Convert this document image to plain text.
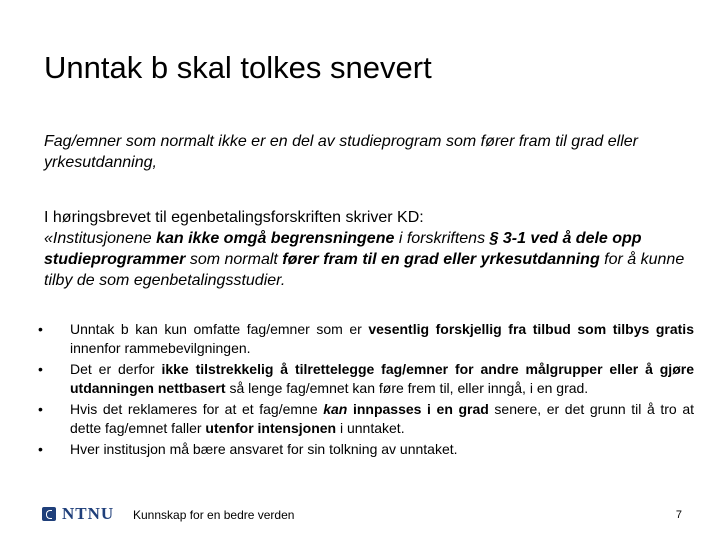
Unntak b skal tolkes snevert
Fag/emner som normalt ikke er en del av studieprogram som fører fram til grad eller yrkesutdanning,
I høringsbrevet til egenbetalingsforskriften skriver KD:
«Institusjonene kan ikke omgå begrensningene i forskriftens § 3-1 ved å dele opp studieprogrammer som normalt fører fram til en grad eller yrkesutdanning for å kunne tilby de som egenbetalingsstudier.
• Unntak b kan kun omfatte fag/emner som er vesentlig forskjellig fra tilbud som tilbys gratis innenfor rammebevilgningen.
• Det er derfor ikke tilstrekkelig å tilrettelegge fag/emner for andre målgrupper eller å gjøre utdanningen nettbasert så lenge fag/emnet kan føre frem til, eller inngå, i en grad.
• Hvis det reklameres for at et fag/emne kan innpasses i en grad senere, er det grunn til å tro at dette fag/emnet faller utenfor intensjonen i unntaket.
• Hver institusjon må bære ansvaret for sin tolkning av unntaket.
NTNU Kunnskap for en bedre verden	7
